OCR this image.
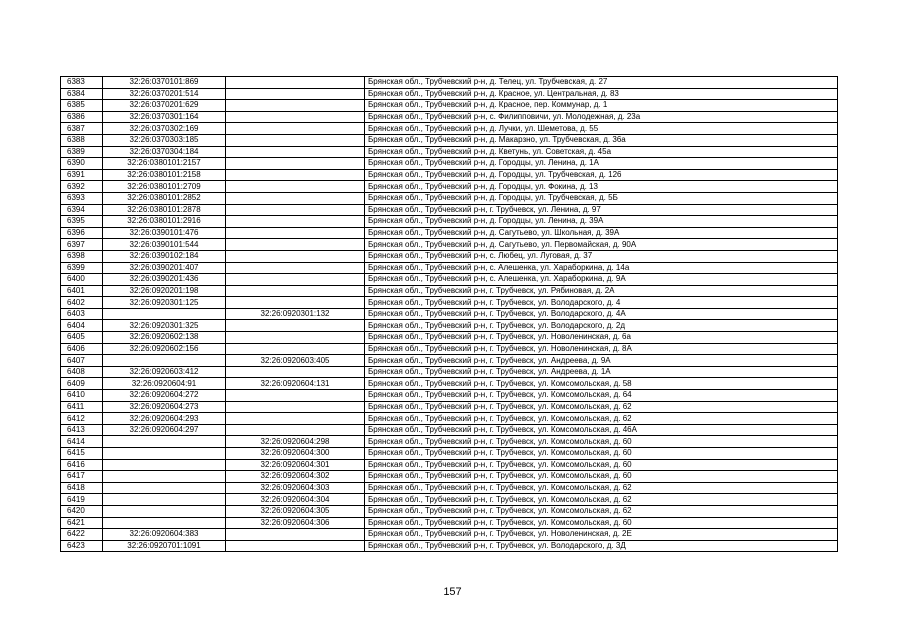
6383	32:26:0370101:869		Брянская обл., Трубчевский р-н, д. Телец, ул. Трубчевская, д. 27
6384	32:26:0370201:514		Брянская обл., Трубчевский р-н, д. Красное, ул. Центральная, д. 83
6385	32:26:0370201:629		Брянская обл., Трубчевский р-н, д. Красное, пер. Коммунар, д. 1
6386	32:26:0370301:164		Брянская обл., Трубчевский р-н, с. Филипповичи, ул. Молодежная, д. 23а
6387	32:26:0370302:169		Брянская обл., Трубчевский р-н, д. Лучки, ул. Шеметова, д. 55
6388	32:26:0370303:185		Брянская обл., Трубчевский р-н, д. Макарзно, ул. Трубчевская, д. 36а
6389	32:26:0370304:184		Брянская обл., Трубчевский р-н, д. Кветунь, ул. Советская, д. 45а
6390	32:26:0380101:2157		Брянская обл., Трубчевский р-н, д. Городцы, ул. Ленина, д. 1А
6391	32:26:0380101:2158		Брянская обл., Трубчевский р-н, д. Городцы, ул. Трубчевская, д. 126
6392	32:26:0380101:2709		Брянская обл., Трубчевский р-н, д. Городцы, ул. Фокина, д. 13
6393	32:26:0380101:2852		Брянская обл., Трубчевский р-н, д. Городцы, ул. Трубчевская, д. 5Б
6394	32:26:0380101:2878		Брянская обл., Трубчевский р-н, г. Трубчевск, ул. Ленина, д. 97
6395	32:26:0380101:2916		Брянская обл., Трубчевский р-н, д. Городцы, ул. Ленина, д. 39А
6396	32:26:0390101:476		Брянская обл., Трубчевский р-н, д. Сагутьево, ул. Школьная, д. 39А
6397	32:26:0390101:544		Брянская обл., Трубчевский р-н, д. Сагутьево, ул. Первомайская, д. 90А
6398	32:26:0390102:184		Брянская обл., Трубчевский р-н, с. Любец, ул. Луговая, д. 37
6399	32:26:0390201:407		Брянская обл., Трубчевский р-н, с. Алешенка, ул. Хараборкина, д. 14а
6400	32:26:0390201:436		Брянская обл., Трубчевский р-н, с. Алешенка, ул. Хараборкина, д. 9А
6401	32:26:0920201:198		Брянская обл., Трубчевский р-н, г. Трубчевск, ул. Рябиновая, д. 2А
6402	32:26:0920301:125		Брянская обл., Трубчевский р-н, г. Трубчевск, ул. Володарского, д. 4
6403		32:26:0920301:132	Брянская обл., Трубчевский р-н, г. Трубчевск, ул. Володарского, д. 4А
6404	32:26:0920301:325		Брянская обл., Трубчевский р-н, г. Трубчевск, ул. Володарского, д. 2д
6405	32:26:0920602:138		Брянская обл., Трубчевский р-н, г. Трубчевск, ул. Новоленинская, д. 6а
6406	32:26:0920602:156		Брянская обл., Трубчевский р-н, г. Трубчевск, ул. Новоленинская, д. 8А
6407		32:26:0920603:405	Брянская обл., Трубчевский р-н, г. Трубчевск, ул. Андреева, д. 9А
6408	32:26:0920603:412		Брянская обл., Трубчевский р-н, г. Трубчевск, ул. Андреева, д. 1А
6409	32:26:0920604:91	32:26:0920604:131	Брянская обл., Трубчевский р-н, г. Трубчевск, ул. Комсомольская, д. 58
6410	32:26:0920604:272		Брянская обл., Трубчевский р-н, г. Трубчевск, ул. Комсомольская, д. 64
6411	32:26:0920604:273		Брянская обл., Трубчевский р-н, г. Трубчевск, ул. Комсомольская, д. 62
6412	32:26:0920604:293		Брянская обл., Трубчевский р-н, г. Трубчевск, ул. Комсомольская, д. 62
6413	32:26:0920604:297		Брянская обл., Трубчевский р-н, г. Трубчевск, ул. Комсомольская, д. 46А
6414		32:26:0920604:298	Брянская обл., Трубчевский р-н, г. Трубчевск, ул. Комсомольская, д. 60
6415		32:26:0920604:300	Брянская обл., Трубчевский р-н, г. Трубчевск, ул. Комсомольская, д. 60
6416		32:26:0920604:301	Брянская обл., Трубчевский р-н, г. Трубчевск, ул. Комсомольская, д. 60
6417		32:26:0920604:302	Брянская обл., Трубчевский р-н, г. Трубчевск, ул. Комсомольская, д. 60
6418		32:26:0920604:303	Брянская обл., Трубчевский р-н, г. Трубчевск, ул. Комсомольская, д. 62
6419		32:26:0920604:304	Брянская обл., Трубчевский р-н, г. Трубчевск, ул. Комсомольская, д. 62
6420		32:26:0920604:305	Брянская обл., Трубчевский р-н, г. Трубчевск, ул. Комсомольская, д. 62
6421		32:26:0920604:306	Брянская обл., Трубчевский р-н, г. Трубчевск, ул. Комсомольская, д. 60
6422	32:26:0920604:383		Брянская обл., Трубчевский р-н, г. Трубчевск, ул. Новоленинская, д. 2Е
6423	32:26:0920701:1091		Брянская обл., Трубчевский р-н, г. Трубчевск, ул. Володарского, д. 3Д
157
